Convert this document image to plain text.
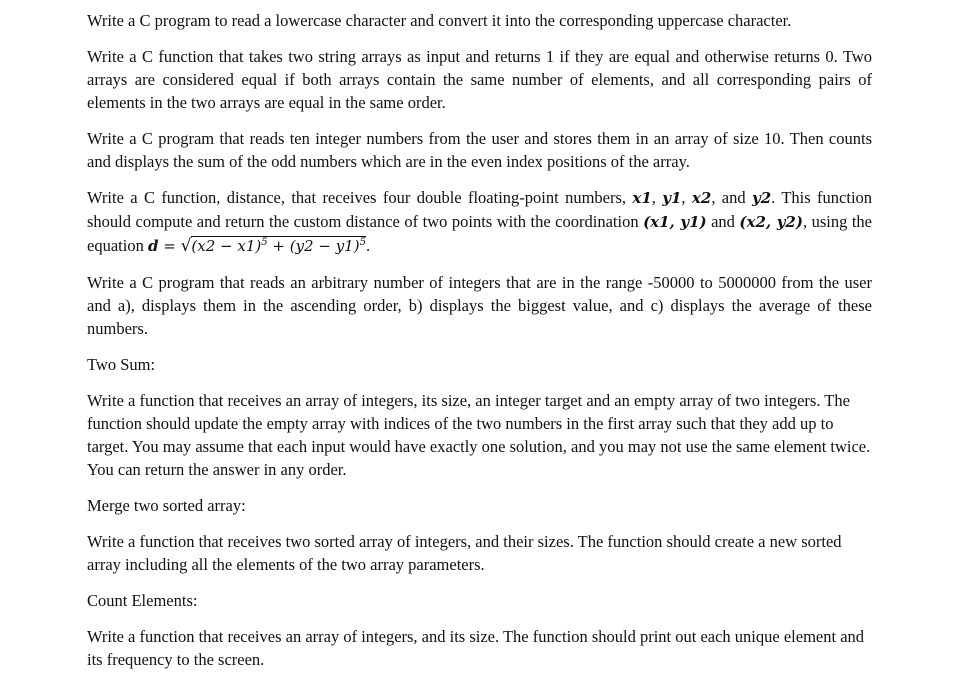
Write a C program to read a lowercase character and convert it into the corresponding uppercase character.

Write a C function that takes two string arrays as input and returns 1 if they are equal and otherwise returns 0. Two arrays are considered equal if both arrays contain the same number of elements, and all corresponding pairs of elements in the two arrays are equal in the same order.

Write a C program that reads ten integer numbers from the user and stores them in an array of size 10. Then counts and displays the sum of the odd numbers which are in the even index positions of the array.

Write a C function, distance, that receives four double floating-point numbers, x1, y1, x2, and y2. This function should compute and return the custom distance of two points with the coordination (x1, y1) and (x2, y2), using the equation $d = √(x2 - x1)^5 + (y2 - y1)^5$.

Write a C program that reads an arbitrary number of integers that are in the range -50000 to 5000000 from the user and a), displays them in the ascending order, b) displays the biggest value, and c) displays the average of these numbers.

Two Sum:

Write a function that receives an array of integers, its size, an integer target and an empty array of two integers. The function should update the empty array with indices of the two numbers in the first array such that they add up to target. You may assume that each input would have exactly one solution, and you may not use the same element twice. You can return the answer in any order.

Merge two sorted array:

Write a function that receives two sorted array of integers, and their sizes. The function should create a new sorted array including all the elements of the two array parameters.

Count Elements:

Write a function that receives an array of integers, and its size. The function should print out each unique element and its frequency to the screen.
